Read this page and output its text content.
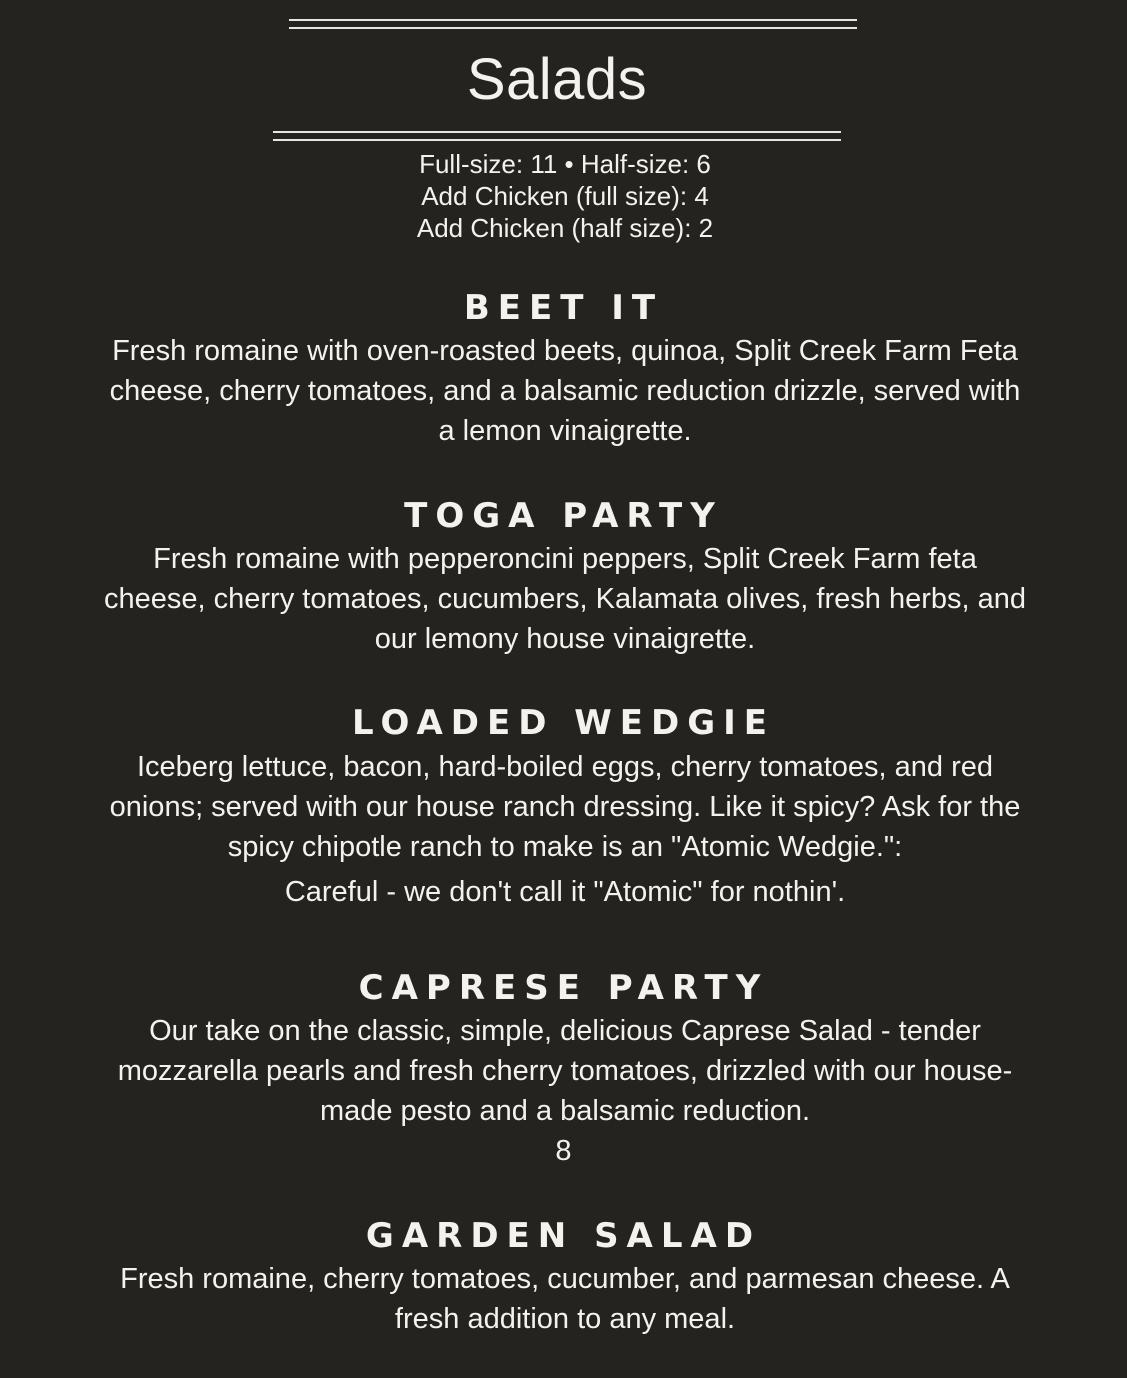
Salads
Full-size: 11 • Half-size: 6
Add Chicken (full size): 4
Add Chicken (half size): 2
BEET IT
Fresh romaine with oven-roasted beets, quinoa, Split Creek Farm Feta cheese, cherry tomatoes, and a balsamic reduction drizzle, served with a lemon vinaigrette.
TOGA PARTY
Fresh romaine with pepperoncini peppers, Split Creek Farm feta cheese, cherry tomatoes, cucumbers, Kalamata olives, fresh herbs, and our lemony house vinaigrette.
LOADED WEDGIE
Iceberg lettuce, bacon, hard-boiled eggs, cherry tomatoes, and red onions; served with our house ranch dressing. Like it spicy? Ask for the spicy chipotle ranch to make is an "Atomic Wedgie.":
Careful - we don't call it "Atomic" for nothin'.
CAPRESE PARTY
Our take on the classic, simple, delicious Caprese Salad - tender mozzarella pearls and fresh cherry tomatoes, drizzled with our house-made pesto and a balsamic reduction.
8
GARDEN SALAD
Fresh romaine, cherry tomatoes, cucumber, and parmesan cheese. A fresh addition to any meal.
